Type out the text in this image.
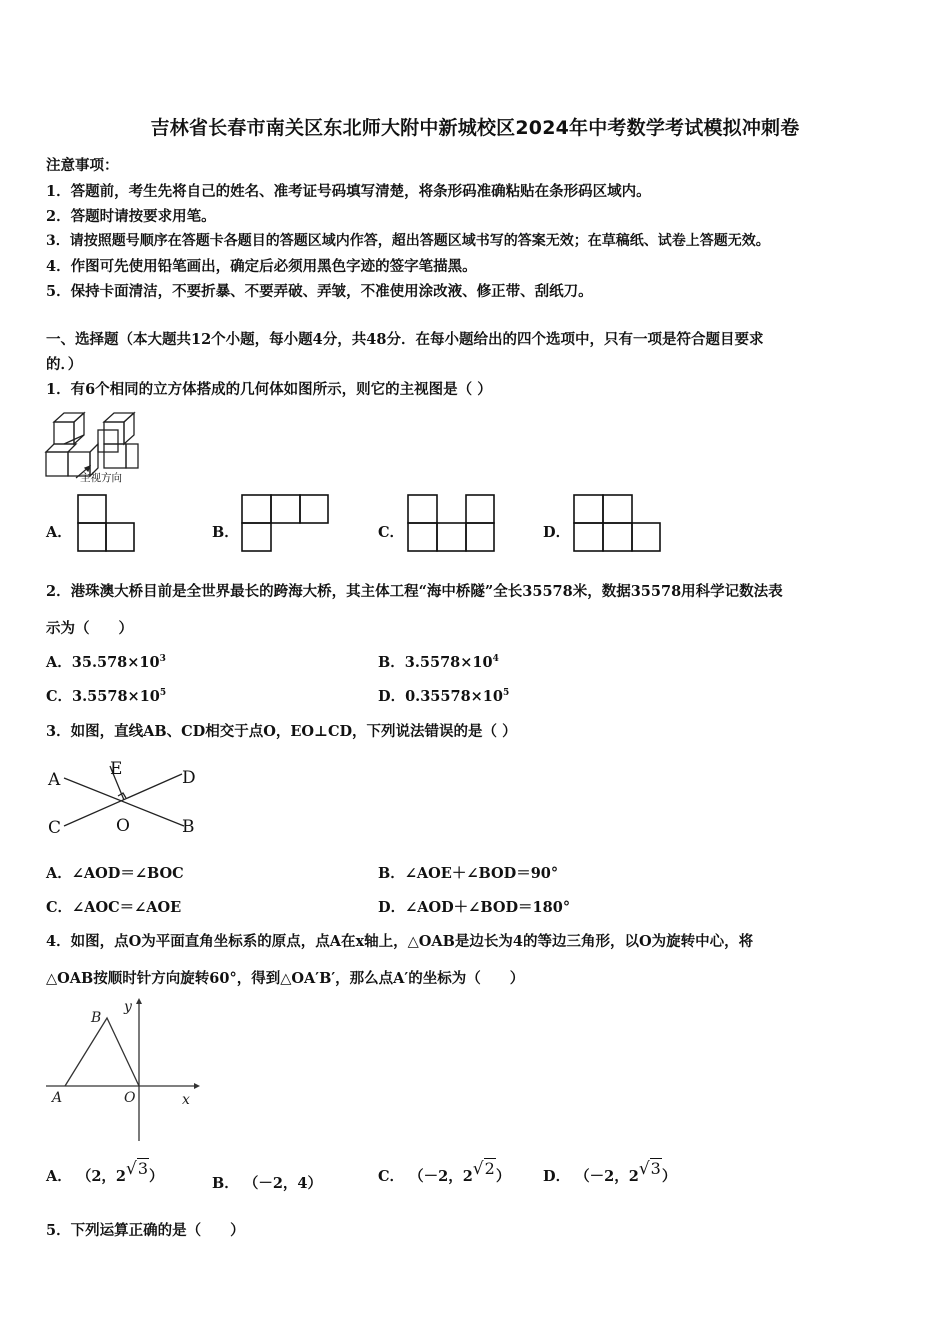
吉林省长春市南关区东北师大附中新城校区2024年中考数学考试模拟冲刺卷
注意事项：
1．答题前，考生先将自己的姓名、准考证号码填写清楚，将条形码准确粘贴在条形码区域内。
2．答题时请按要求用笔。
3．请按照题号顺序在答题卡各题目的答题区域内作答，超出答题区域书写的答案无效；在草稿纸、试卷上答题无效。
4．作图可先使用铅笔画出，确定后必须用黑色字迹的签字笔描黑。
5．保持卡面清洁，不要折暴、不要弄破、弄皱，不准使用涂改液、修正带、刮纸刀。
一、选择题（本大题共12个小题，每小题4分，共48分．在每小题给出的四个选项中，只有一项是符合题目要求
的．）
1．有6个相同的立方体搭成的几何体如图所示，则它的主视图是（ ）
主视方向
A．	B．	C．	D．
2．港珠澳大桥目前是全世界最长的跨海大桥，其主体工程“海中桥隧”全长35578米，数据35578用科学记数法表
示为（　　）
A．$35.578\times 10^3$	B．$3.5578\times 10^4$
C．$3.5578\times 10^5$	D．$0.35578\times 10^5$
3．如图，直线AB、CD相交于点O，EO⊥CD，下列说法错误的是（ ）
A
E	D
C	O	B
A．∠AOD＝∠BOC	B．∠AOE＋∠BOD＝90°
C．∠AOC＝∠AOE	D．∠AOD＋∠BOD＝180°
4．如图，点O为平面直角坐标系的原点，点A在x轴上，△OAB是边长为4的等边三角形，以O为旋转中心，将
△OAB按顺时针方向旋转60°，得到△OA′B′，那么点A′的坐标为（　　）
B
y
A	O	x
A． （2，2√3）	B． （－2，4）	C． （－2，2√2） D． （－2，2√3）
5．下列运算正确的是（　　）
